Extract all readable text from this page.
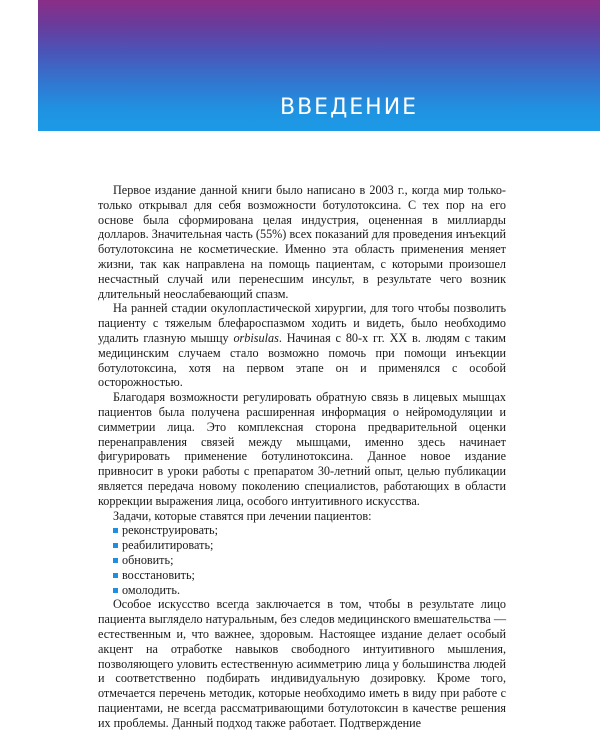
ВВЕДЕНИЕ

Первое издание данной книги было написано в 2003 г., когда мир только-только открывал для себя возможности ботулотоксина. С тех пор на его основе была сформирована целая индустрия, оцененная в миллиарды долларов. Значительная часть (55%) всех показаний для проведения инъекций ботулотоксина не косметические. Именно эта область применения меняет жизни, так как направлена на помощь пациентам, с которыми произошел несчастный случай или перенесшим инсульт, в результате чего возник длительный неослабевающий спазм.

На ранней стадии окулопластической хирургии, для того чтобы позволить пациенту с тяжелым блефароспазмом ходить и видеть, было необходимо удалить глазную мышцу orbisulas. Начиная с 80-х гг. XX в. людям с таким медицинским случаем стало возможно помочь при помощи инъекции ботулотоксина, хотя на первом этапе он и применялся с особой осторожностью.

Благодаря возможности регулировать обратную связь в лицевых мышцах пациентов была получена расширенная информация о нейромодуляции и симметрии лица. Это комплексная сторона предварительной оценки перенаправления связей между мышцами, именно здесь начинает фигурировать применение ботулинотоксина. Данное новое издание привносит в уроки работы с препаратом 30-летний опыт, целью публикации является передача новому поколению специалистов, работающих в области коррекции выражения лица, особого интуитивного искусства.

Задачи, которые ставятся при лечении пациентов:

реконструировать;
реабилитировать;
обновить;
восстановить;
омолодить.

Особое искусство всегда заключается в том, чтобы в результате лицо пациента выглядело натуральным, без следов медицинского вмешательства — естественным и, что важнее, здоровым. Настоящее издание делает особый акцент на отработке навыков свободного интуитивного мышления, позволяющего уловить естественную асимметрию лица у большинства людей и соответственно подбирать индивидуальную дозировку. Кроме того, отмечается перечень методик, которые необходимо иметь в виду при работе с пациентами, не всегда рассматривающими ботулотоксин в качестве решения их проблемы. Данный подход также работает. Подтверждение
